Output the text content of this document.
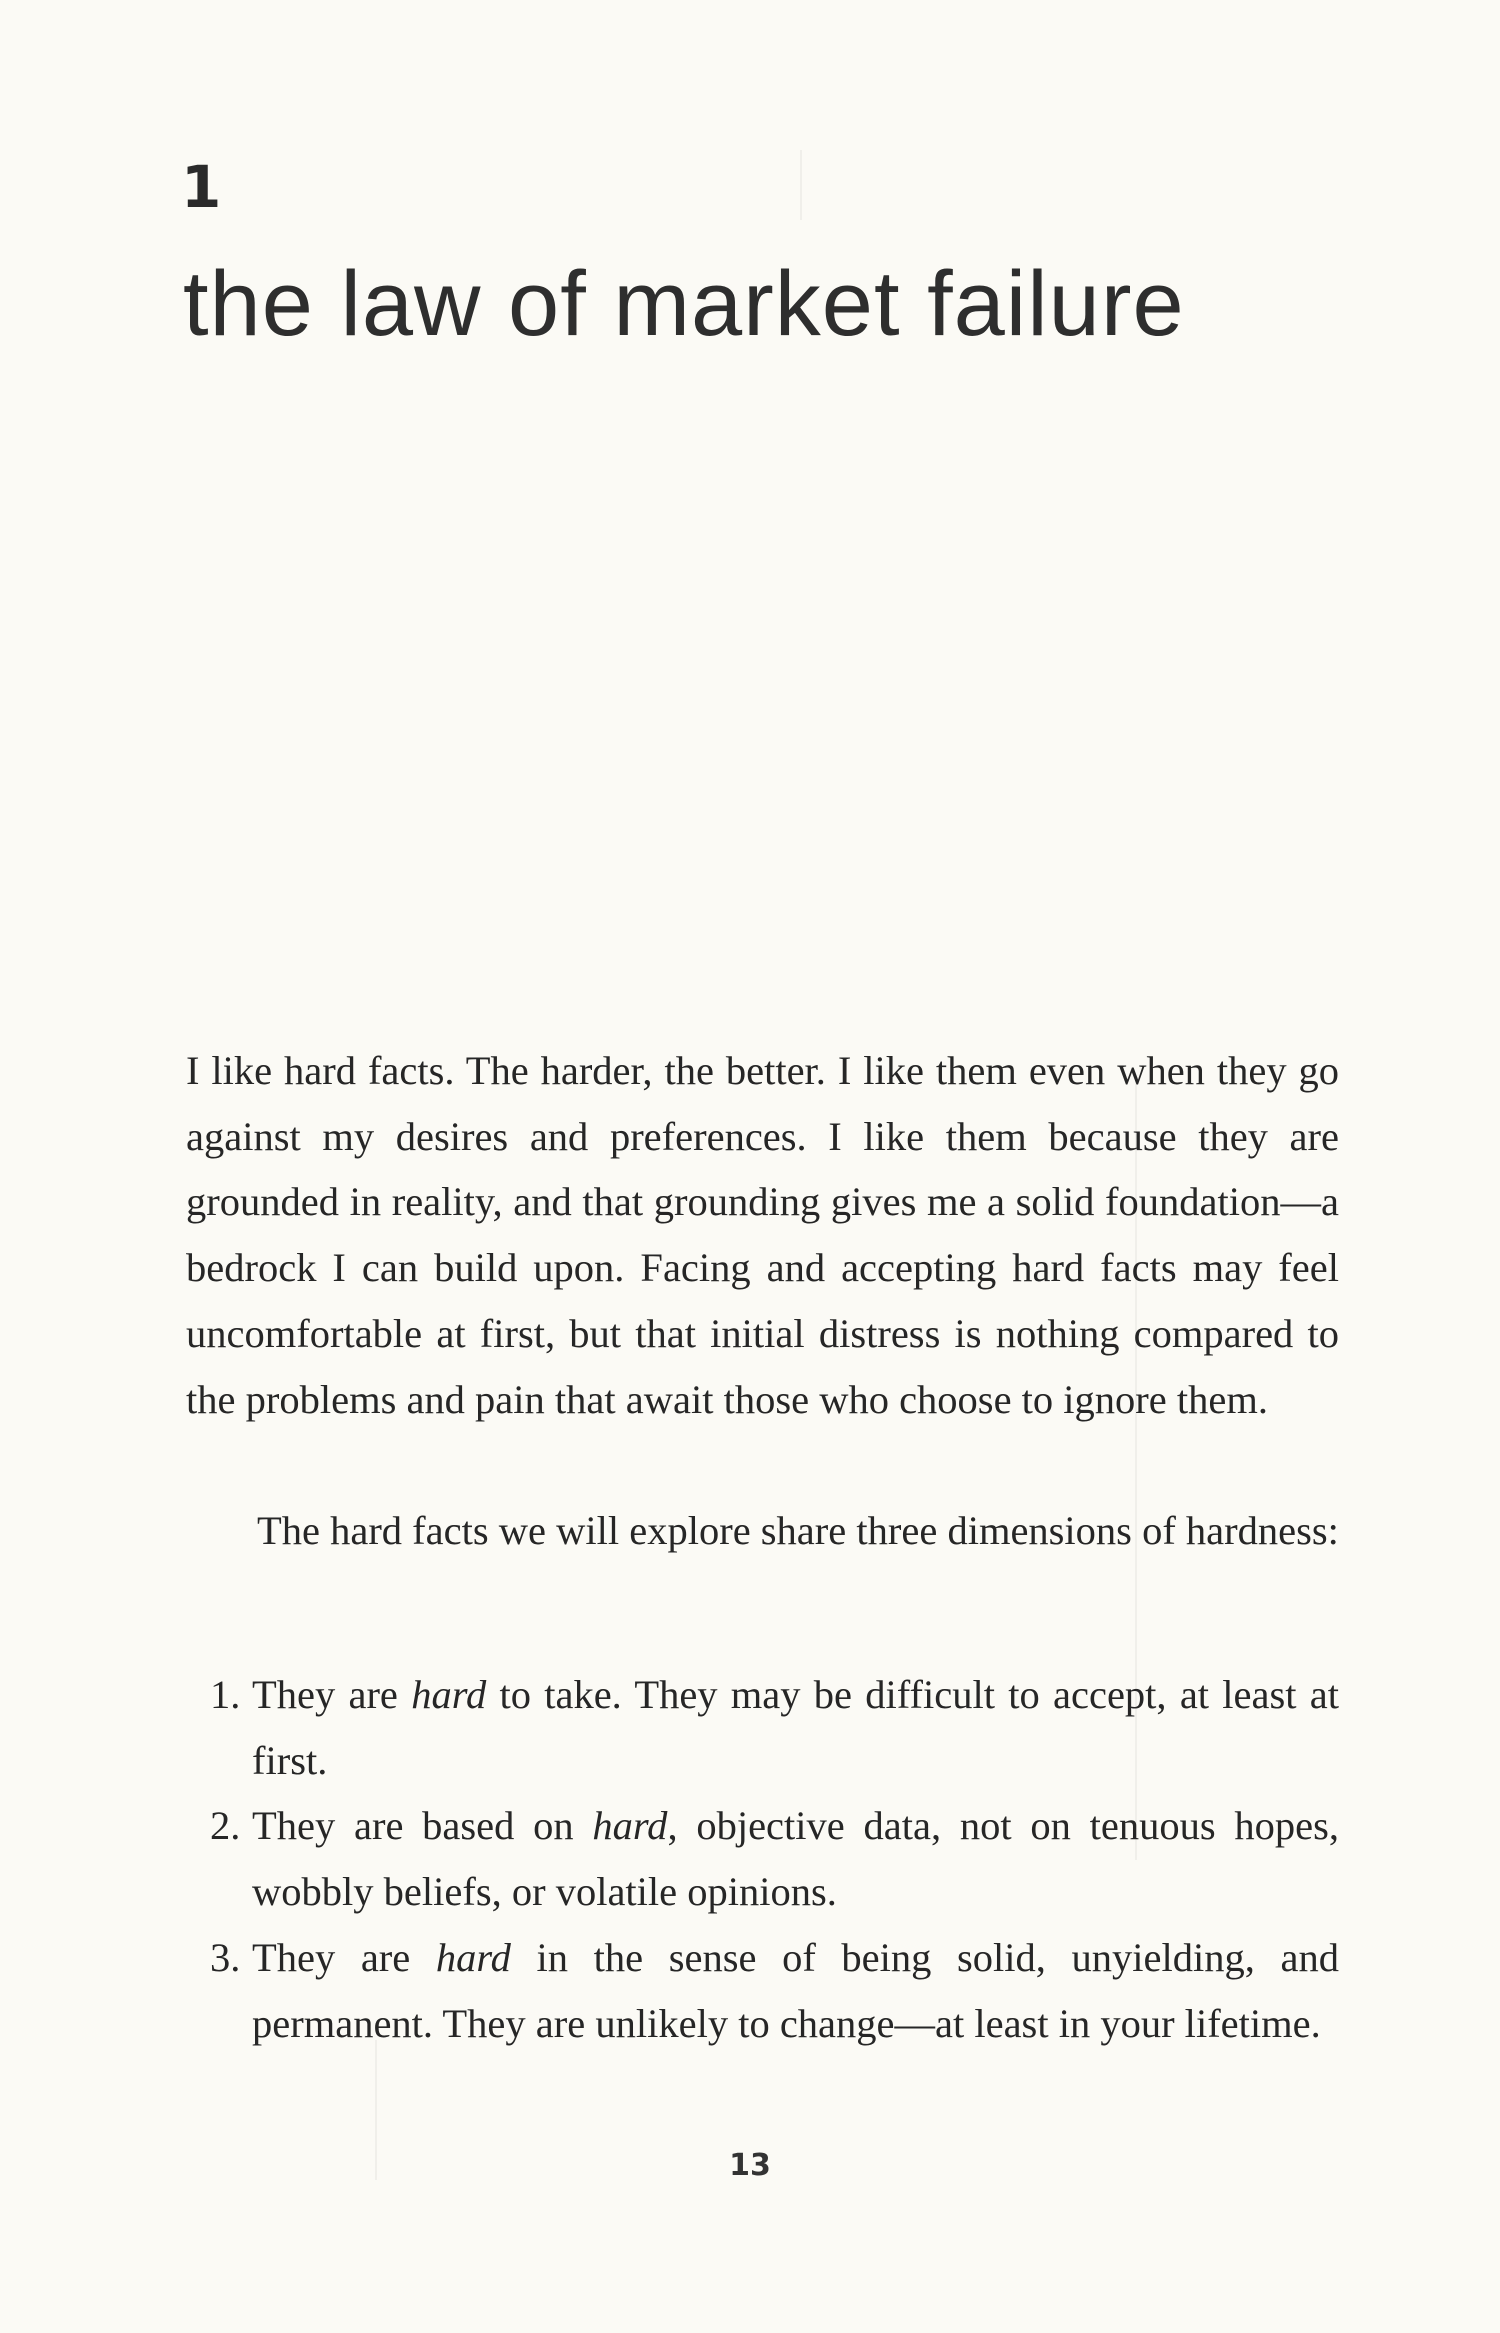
1
the law of market failure

I like hard facts. The harder, the better. I like them even when they go against my desires and preferences. I like them because they are grounded in reality, and that grounding gives me a solid foundation—a bedrock I can build upon. Facing and accepting hard facts may feel uncomfortable at first, but that initial distress is nothing compared to the problems and pain that await those who choose to ignore them.

The hard facts we will explore share three dimensions of hardness:

1. They are hard to take. They may be difficult to accept, at least at first.
2. They are based on hard, objective data, not on tenuous hopes, wobbly beliefs, or volatile opinions.
3. They are hard in the sense of being solid, unyielding, and permanent. They are unlikely to change—at least in your lifetime.
13
